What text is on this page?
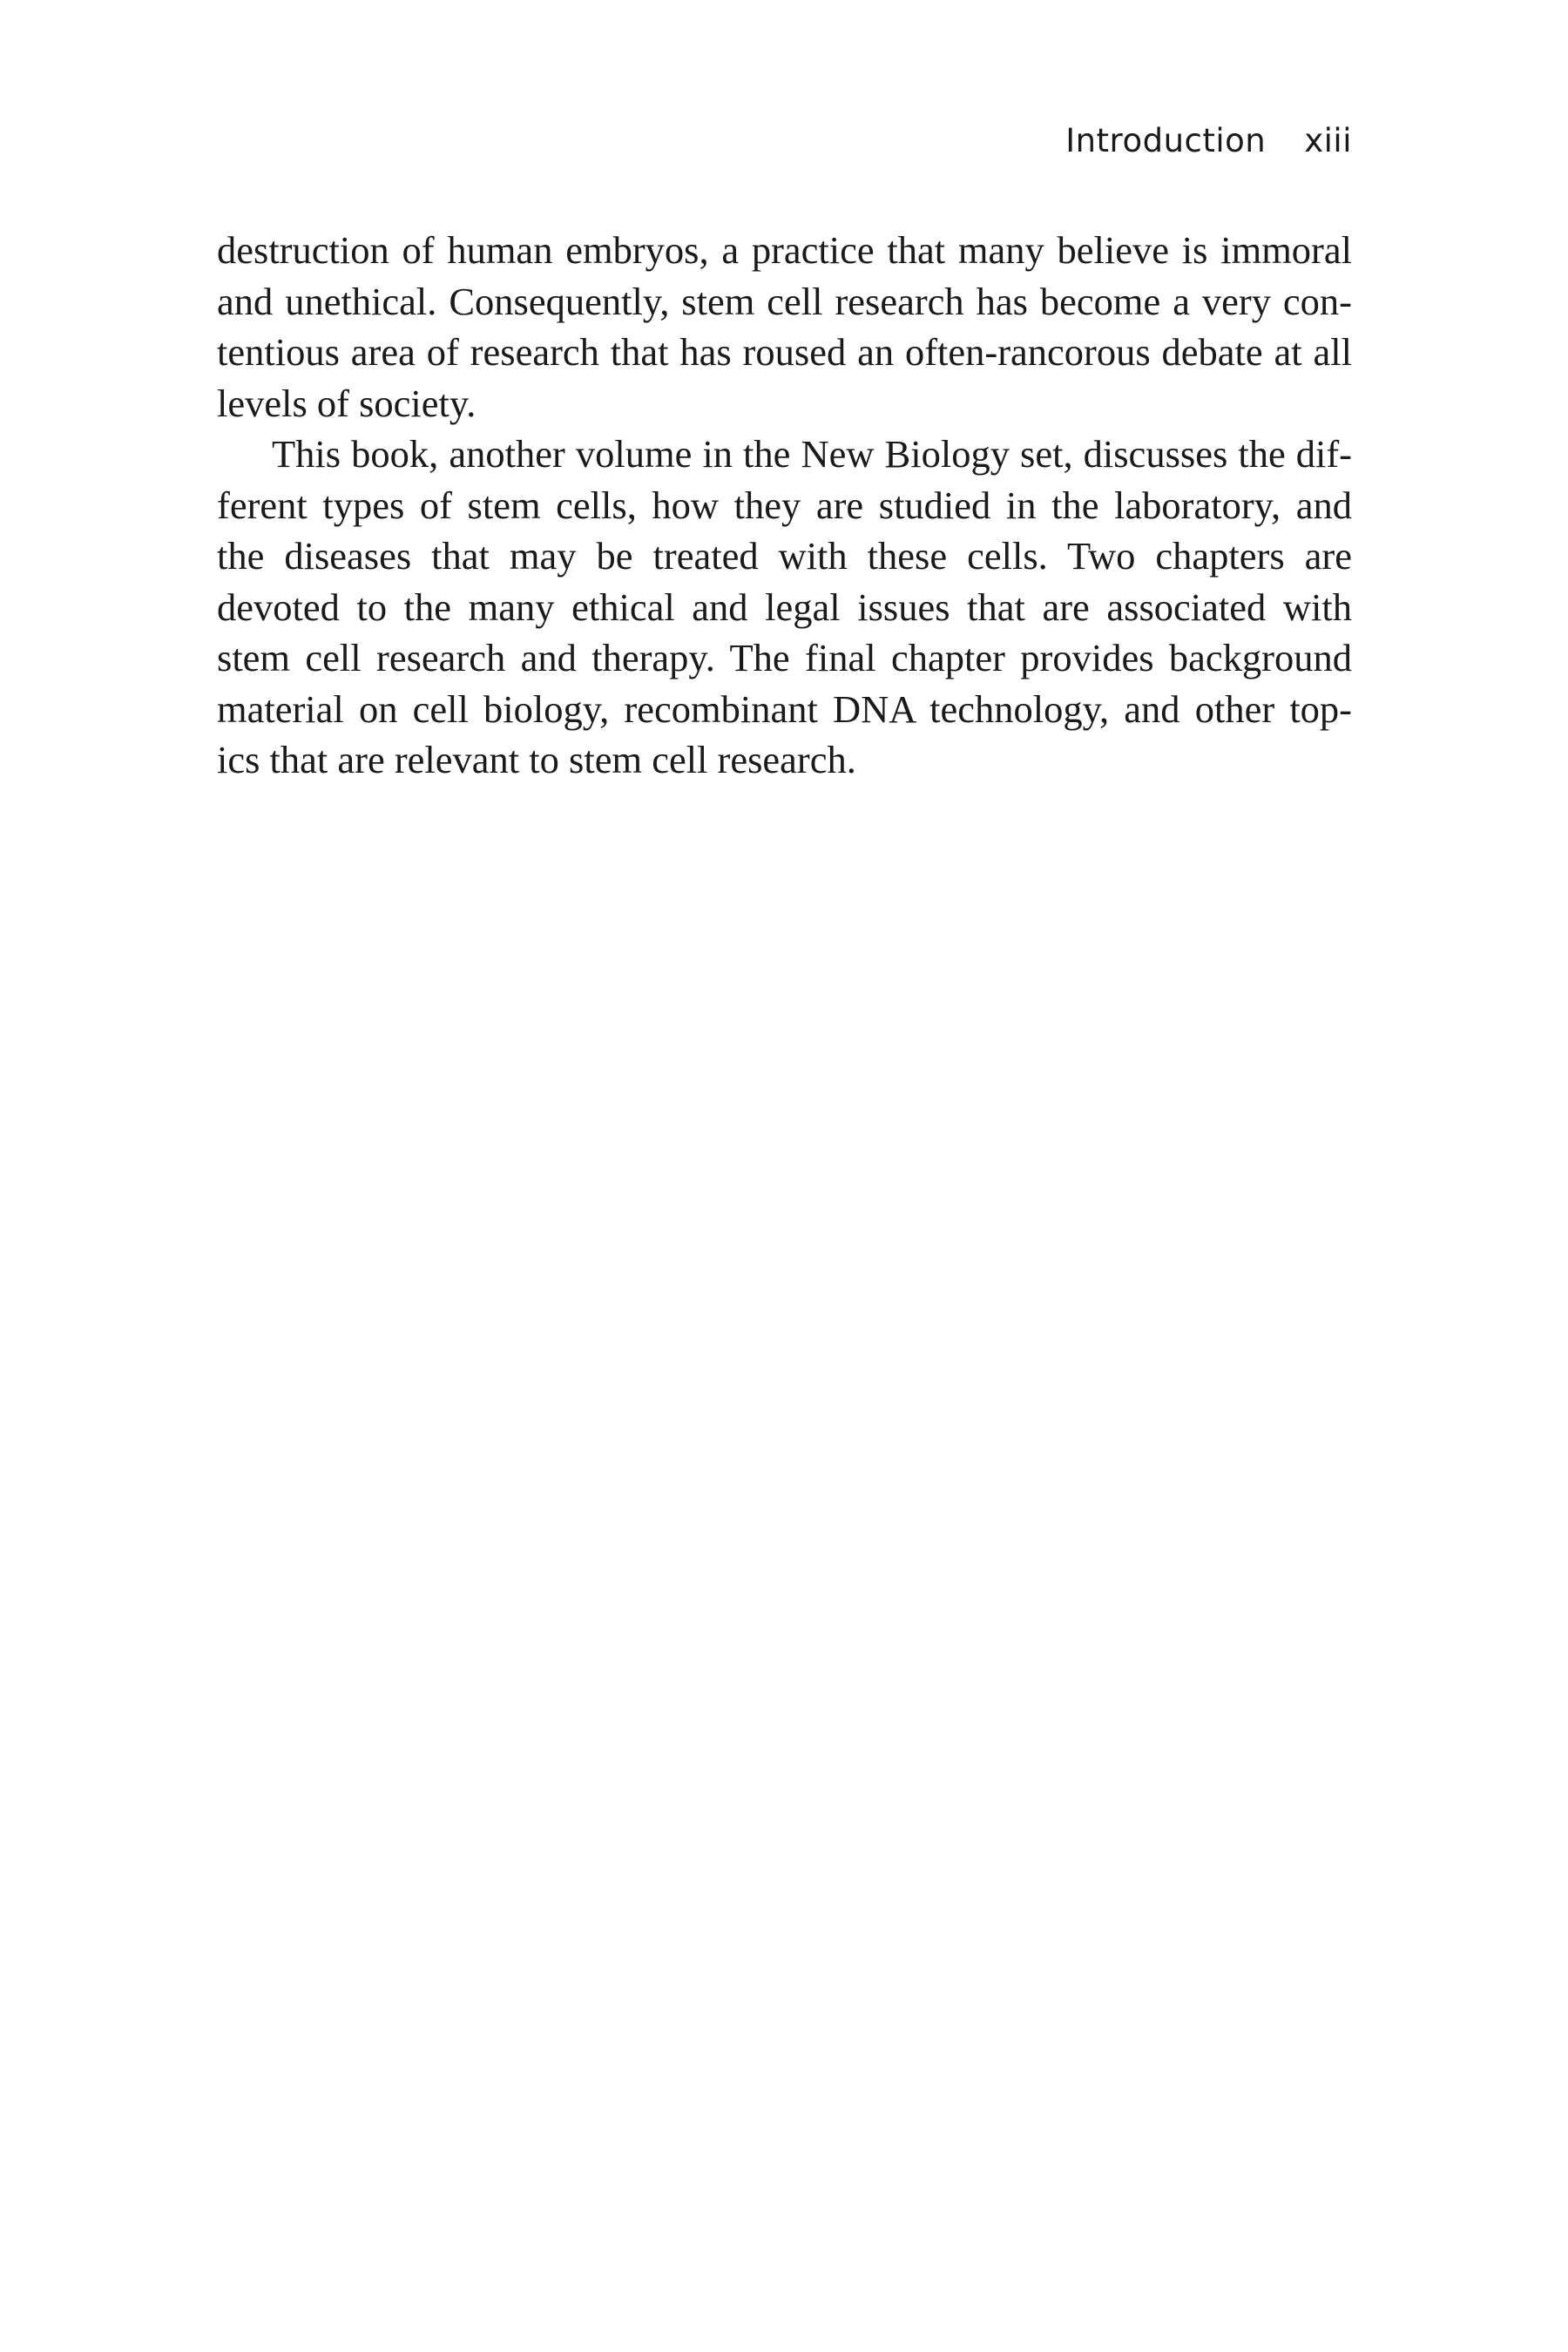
Introduction xiii
destruction of human embryos, a practice that many believe is immoral
and unethical. Consequently, stem cell research has become a very con-
tentious area of research that has roused an often-rancorous debate at all
levels of society.
This book, another volume in the New Biology set, discusses the dif-
ferent types of stem cells, how they are studied in the laboratory, and
the diseases that may be treated with these cells. Two chapters are
devoted to the many ethical and legal issues that are associated with
stem cell research and therapy. The final chapter provides background
material on cell biology, recombinant DNA technology, and other top-
ics that are relevant to stem cell research.
